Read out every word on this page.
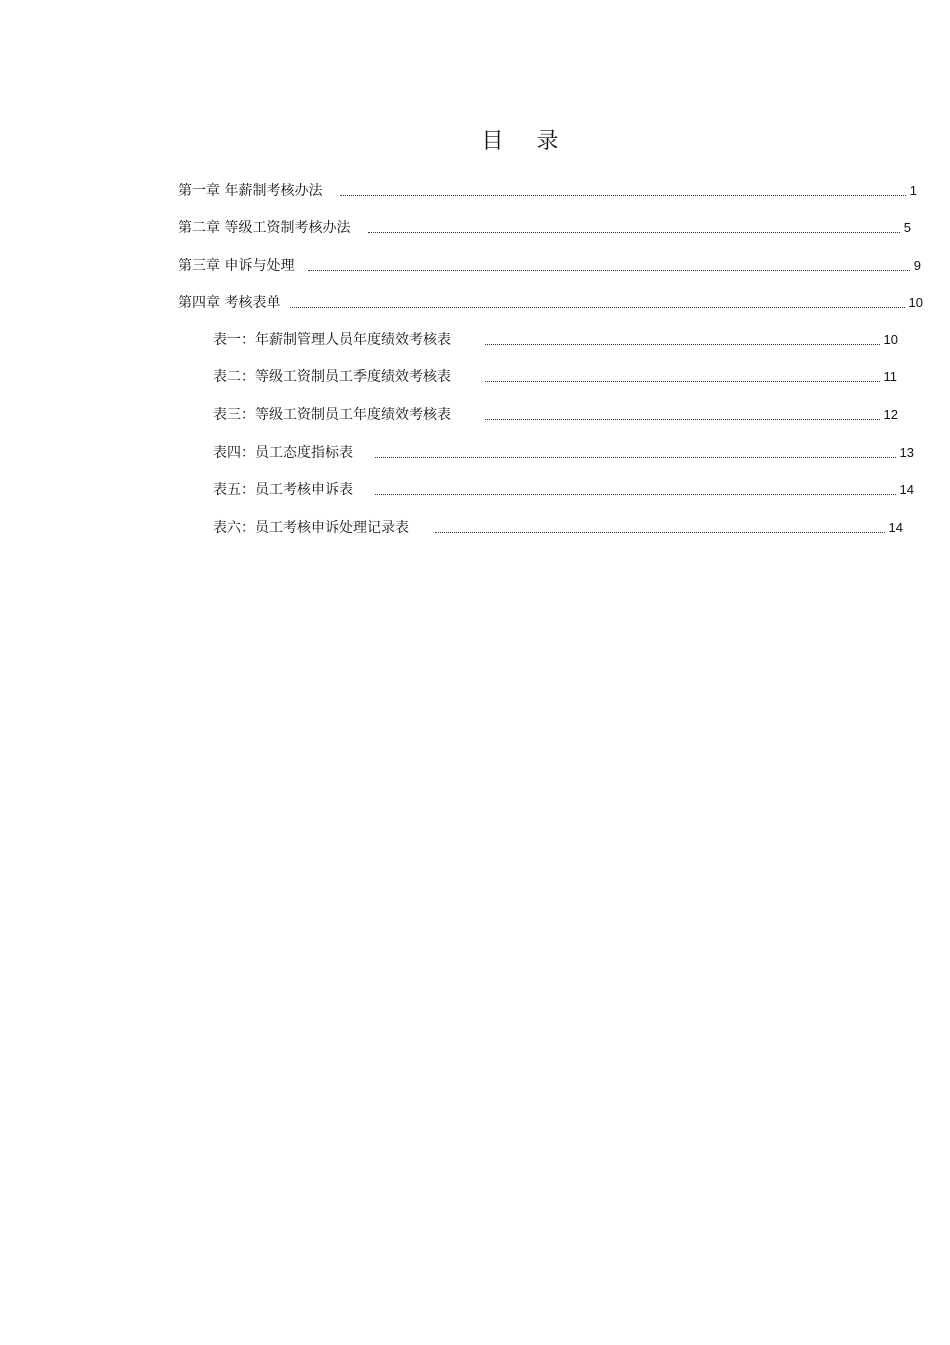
目 录
第一章 年薪制考核办法	1
第二章 等级工资制考核办法	5
第三章 申诉与处理	9
第四章 考核表单	10
表一：年薪制管理人员年度绩效考核表	10
表二：等级工资制员工季度绩效考核表	11
表三：等级工资制员工年度绩效考核表	12
表四：员工态度指标表	13
表五：员工考核申诉表	14
表六：员工考核申诉处理记录表	14
